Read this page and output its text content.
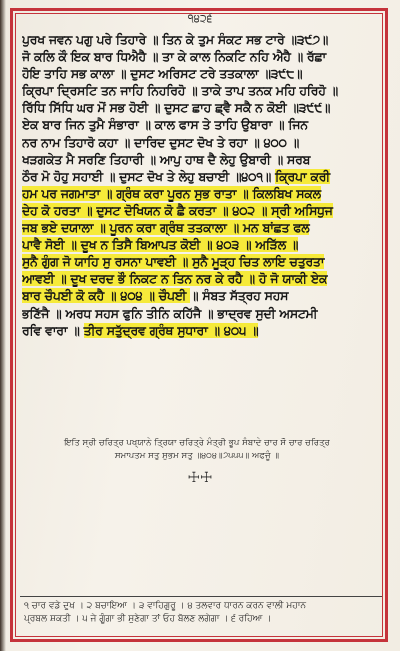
੧੪੨੬
ਪੁਰਖ ਜਵਨ ਪਗੁ ਪਰੇ ਤਿਹਾਰੇ ॥ ਤਿਨ ਕੇ ਤੁਮ ਸੰਕਟ ਸਭ ਟਾਰੇ ॥੩੯੭॥
ਜੋ ਕਲਿ ਕੌ ਇਕ ਬਾਰ ਧਿਐਹੈ ॥ ਤਾ ਕੇ ਕਾਲ ਨਿਕਟਿ ਨਹਿ ਐਹੈ ॥ ਰੱਛਾ
ਹੋਇ ਤਾਹਿ ਸਭ ਕਾਲਾ ॥ ਦੁਸਟ ਅਰਿਸਟ ਟਰੇ ਤਤਕਾਲਾ ॥੩੯੮॥
ਕ੍ਰਿਪਾ ਦ੍ਰਿਸਟਿ ਤਨ ਜਾਹਿ ਨਿਹਰਿਹੋ ॥ ਤਾਕੇ ਤਾਪ ਤਨਕ ਮਹਿ ਹਰਿਹੋ ॥
ਰਿੱਧਿ ਸਿੱਧਿ ਘਰ ਮੋਂ ਸਭ ਹੋਈ ॥ ਦੁਸਟ ਛਾਹ ਛ੍ਵੈ ਸਕੈ ਨ ਕੋਈ ॥੩੯੯॥
ਏਕ ਬਾਰ ਜਿਨ ਤੁਮੈ ਸੰਭਾਰਾ ॥ ਕਾਲ ਫਾਸ ਤੇ ਤਾਹਿ ਉਬਾਰਾ ॥ ਜਿਨ
ਨਰ ਨਾਮ ਤਿਹਾਰੋ ਕਹਾ ॥ ਦਾਰਿਦ ਦੁਸਟ ਦੋਖ ਤੇ ਰਹਾ ॥ ੪੦੦ ॥
ਖੜਗਕੇਤ ਮੈ ਸਰਣਿ ਤਿਹਾਰੀ ॥ ਆਪੁ ਹਾਥ ਦੈ ਲੇਹੁ ਉਬਾਰੀ ॥ ਸਰਬ
ਠੌਰ ਮੋ ਹੋਹੁ ਸਹਾਈ ॥ ਦੁਸਟ ਦੋਖ ਤੇ ਲੇਹੁ ਬਚਾਈ ॥੪੦੧॥ ਕ੍ਰਿਪਾ ਕਰੀ
ਹਮ ਪਰ ਜਗਮਾਤਾ ॥ ਗ੍ਰੰਥ ਕਰਾ ਪੂਰਨ ਸੁਭ ਰਾਤਾ ॥ ਕਿਲਬਿਖ ਸਕਲ
ਦੇਹ ਕੋ ਹਰਤਾ ॥ ਦੁਸਟ ਦੋਖਿਯਨ ਕੋ ਛੈ ਕਰਤਾ ॥ ੪੦੨ ॥ ਸ੍ਰੀ ਅਸਿਧੁਜ
ਜਬ ਭਏ ਦਯਾਲਾ ॥ ਪੂਰਨ ਕਰਾ ਗ੍ਰੰਥ ਤਤਕਾਲਾ ॥ ਮਨ ਬਾਂਛਤ ਫਲ
ਪਾਵੈ ਸੋਈ ॥ ਦੂਖ ਨ ਤਿਸੈ ਬਿਆਪਤ ਕੋਈ ॥ ੪੦੩ ॥ ਅੜਿੱਲ ॥
ਸੁਨੈ ਗੁੰਗ ਜੋ ਯਾਹਿ ਸੁ ਰਸਨਾ ਪਾਵਈ ॥ ਸੁਨੈ ਮੂੜ੍ਹ ਚਿਤ ਲਾਇ ਚਤੁਰਤਾ
ਆਵਈ ॥ ਦੂਖ ਦਰਦ ਭੌ ਨਿਕਟ ਨ ਤਿਨ ਨਰ ਕੇ ਰਹੈ ॥ ਹੋ ਜੋ ਯਾਕੀ ਏਕ
ਬਾਰ ਚੌਪਈ ਕੋ ਕਹੈ ॥ ੪੦੪ ॥ ਚੌਪਈ ॥ ਸੰਬਤ ਸੱਤ੍ਰਹ ਸਹਸ
ਭਣਿੱਜੈ ॥ ਅਰਧ ਸਹਸ ਫੁਨਿ ਤੀਨਿ ਕਹਿੱਜੈ ॥ ਭਾਦ੍ਰਵ ਸੁਦੀ ਅਸਟਮੀ
ਰਵਿ ਵਾਰਾ ॥ ਤੀਰ ਸਤੁੱਦ੍ਰਵ ਗ੍ਰੰਥ ਸੁਧਾਰਾ ॥ ੪੦੫ ॥
ਇਤਿ ਸ੍ਰੀ ਚਰਿਤ੍ਰ ਪਖ੍ਯਾਨੇ ਤ੍ਰਿਯਾ ਚਰਿਤ੍ਰੇ ਮੰਤ੍ਰੀ ਭੂਪ ਸੰਬਾਦੇ ਚਾਰ ਸੌ ਚਾਰ ਚਰਿਤ੍ਰ
ਸਮਾਪਤਮ ਸਤੁ ਸੁਭਮ ਸਤੁ ॥੪੦੪॥੭੫੫੫॥ ਅਫਜੂੰ ॥
☩☩
੧ ਚਾਰ ਵਡੇ ਦੁਖ । ੨ ਬਚਾਇਆ । ੩ ਵਾਹਿਗੁਰੂ । ੪ ਤਲਵਾਰ ਧਾਰਨ ਕਰਨ ਵਾਲੀ ਮਹਾਨ
ਪ੍ਰਬਲ ਸ਼ਕਤੀ । ੫ ਜੇ ਗੂੰਗਾ ਭੀ ਸੁਣੇਗਾ ਤਾਂ ਓਹ ਬੋਲਣ ਲਗੇਗਾ । ੬ ਰਹਿਆ ।
